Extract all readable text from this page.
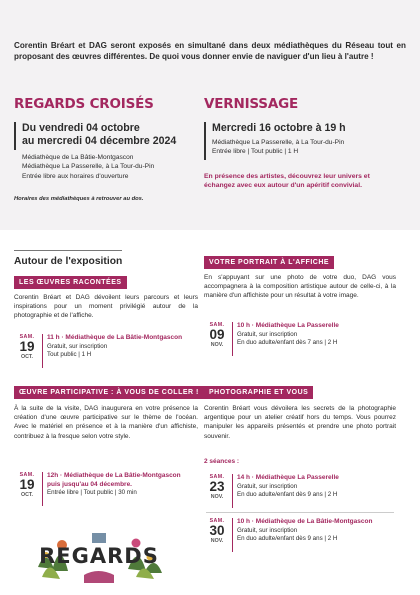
Corentin Bréart et DAG seront exposés en simultané dans deux médiathèques du Réseau tout en proposant des œuvres différentes. De quoi vous donner envie de naviguer d'un lieu à l'autre !

REGARDS CROISÉS
Du vendredi 04 octobre
au mercredi 04 décembre 2024
Médiathèque de La Bâtie-Montgascon
Médiathèque La Passerelle, à La Tour-du-Pin
Entrée libre aux horaires d'ouverture
Horaires des médiathèques à retrouver au dos.
VERNISSAGE
Mercredi 16 octobre à 19 h
Médiathèque La Passerelle, à La Tour-du-Pin
Entrée libre | Tout public | 1 H
En présence des artistes, découvrez leur univers et échangez avec eux autour d'un apéritif convivial.
Autour de l'exposition
LES ŒUVRES RACONTÉES
Corentin Bréart et DAG dévoilent leurs parcours et leurs inspirations pour un moment privilégié autour de la photographie et de l'affiche.
SAM.
19
OCT.
11 h · Médiathèque de La Bâtie-Montgascon
Gratuit, sur inscription
Tout public | 1 H
ŒUVRE PARTICIPATIVE : À VOUS DE COLLER !
À la suite de la visite, DAG inaugurera en votre présence la création d'une œuvre participative sur le thème de l'océan. Avec le matériel en présence et à la manière d'un affichiste, contribuez à la fresque selon votre style.
SAM.
19
OCT.
12h · Médiathèque de La Bâtie-Montgascon
puis jusqu'au 04 décembre.
Entrée libre | Tout public | 30 min
REGARDS
VOTRE PORTRAIT À L'AFFICHE
En s'appuyant sur une photo de votre duo, DAG vous accompagnera à la composition artistique autour de celle-ci, à la manière d'un affichiste pour un résultat à votre image.
SAM.
09
NOV.
10 h · Médiathèque La Passerelle
Gratuit, sur inscription
En duo adulte/enfant dès 7 ans | 2 H
PHOTOGRAPHIE ET VOUS
Corentin Bréart vous dévoilera les secrets de la photographie argentique pour un atelier créatif hors du temps. Vous pourrez manipuler les appareils présentés et prendre une photo portrait souvenir.
2 séances :
SAM.
23
NOV.
14 h · Médiathèque La Passerelle
Gratuit, sur inscription
En duo adulte/enfant dès 9 ans | 2 H
SAM.
30
NOV.
10 h · Médiathèque de La Bâtie-Montgascon
Gratuit, sur inscription
En duo adulte/enfant dès 9 ans | 2 H
